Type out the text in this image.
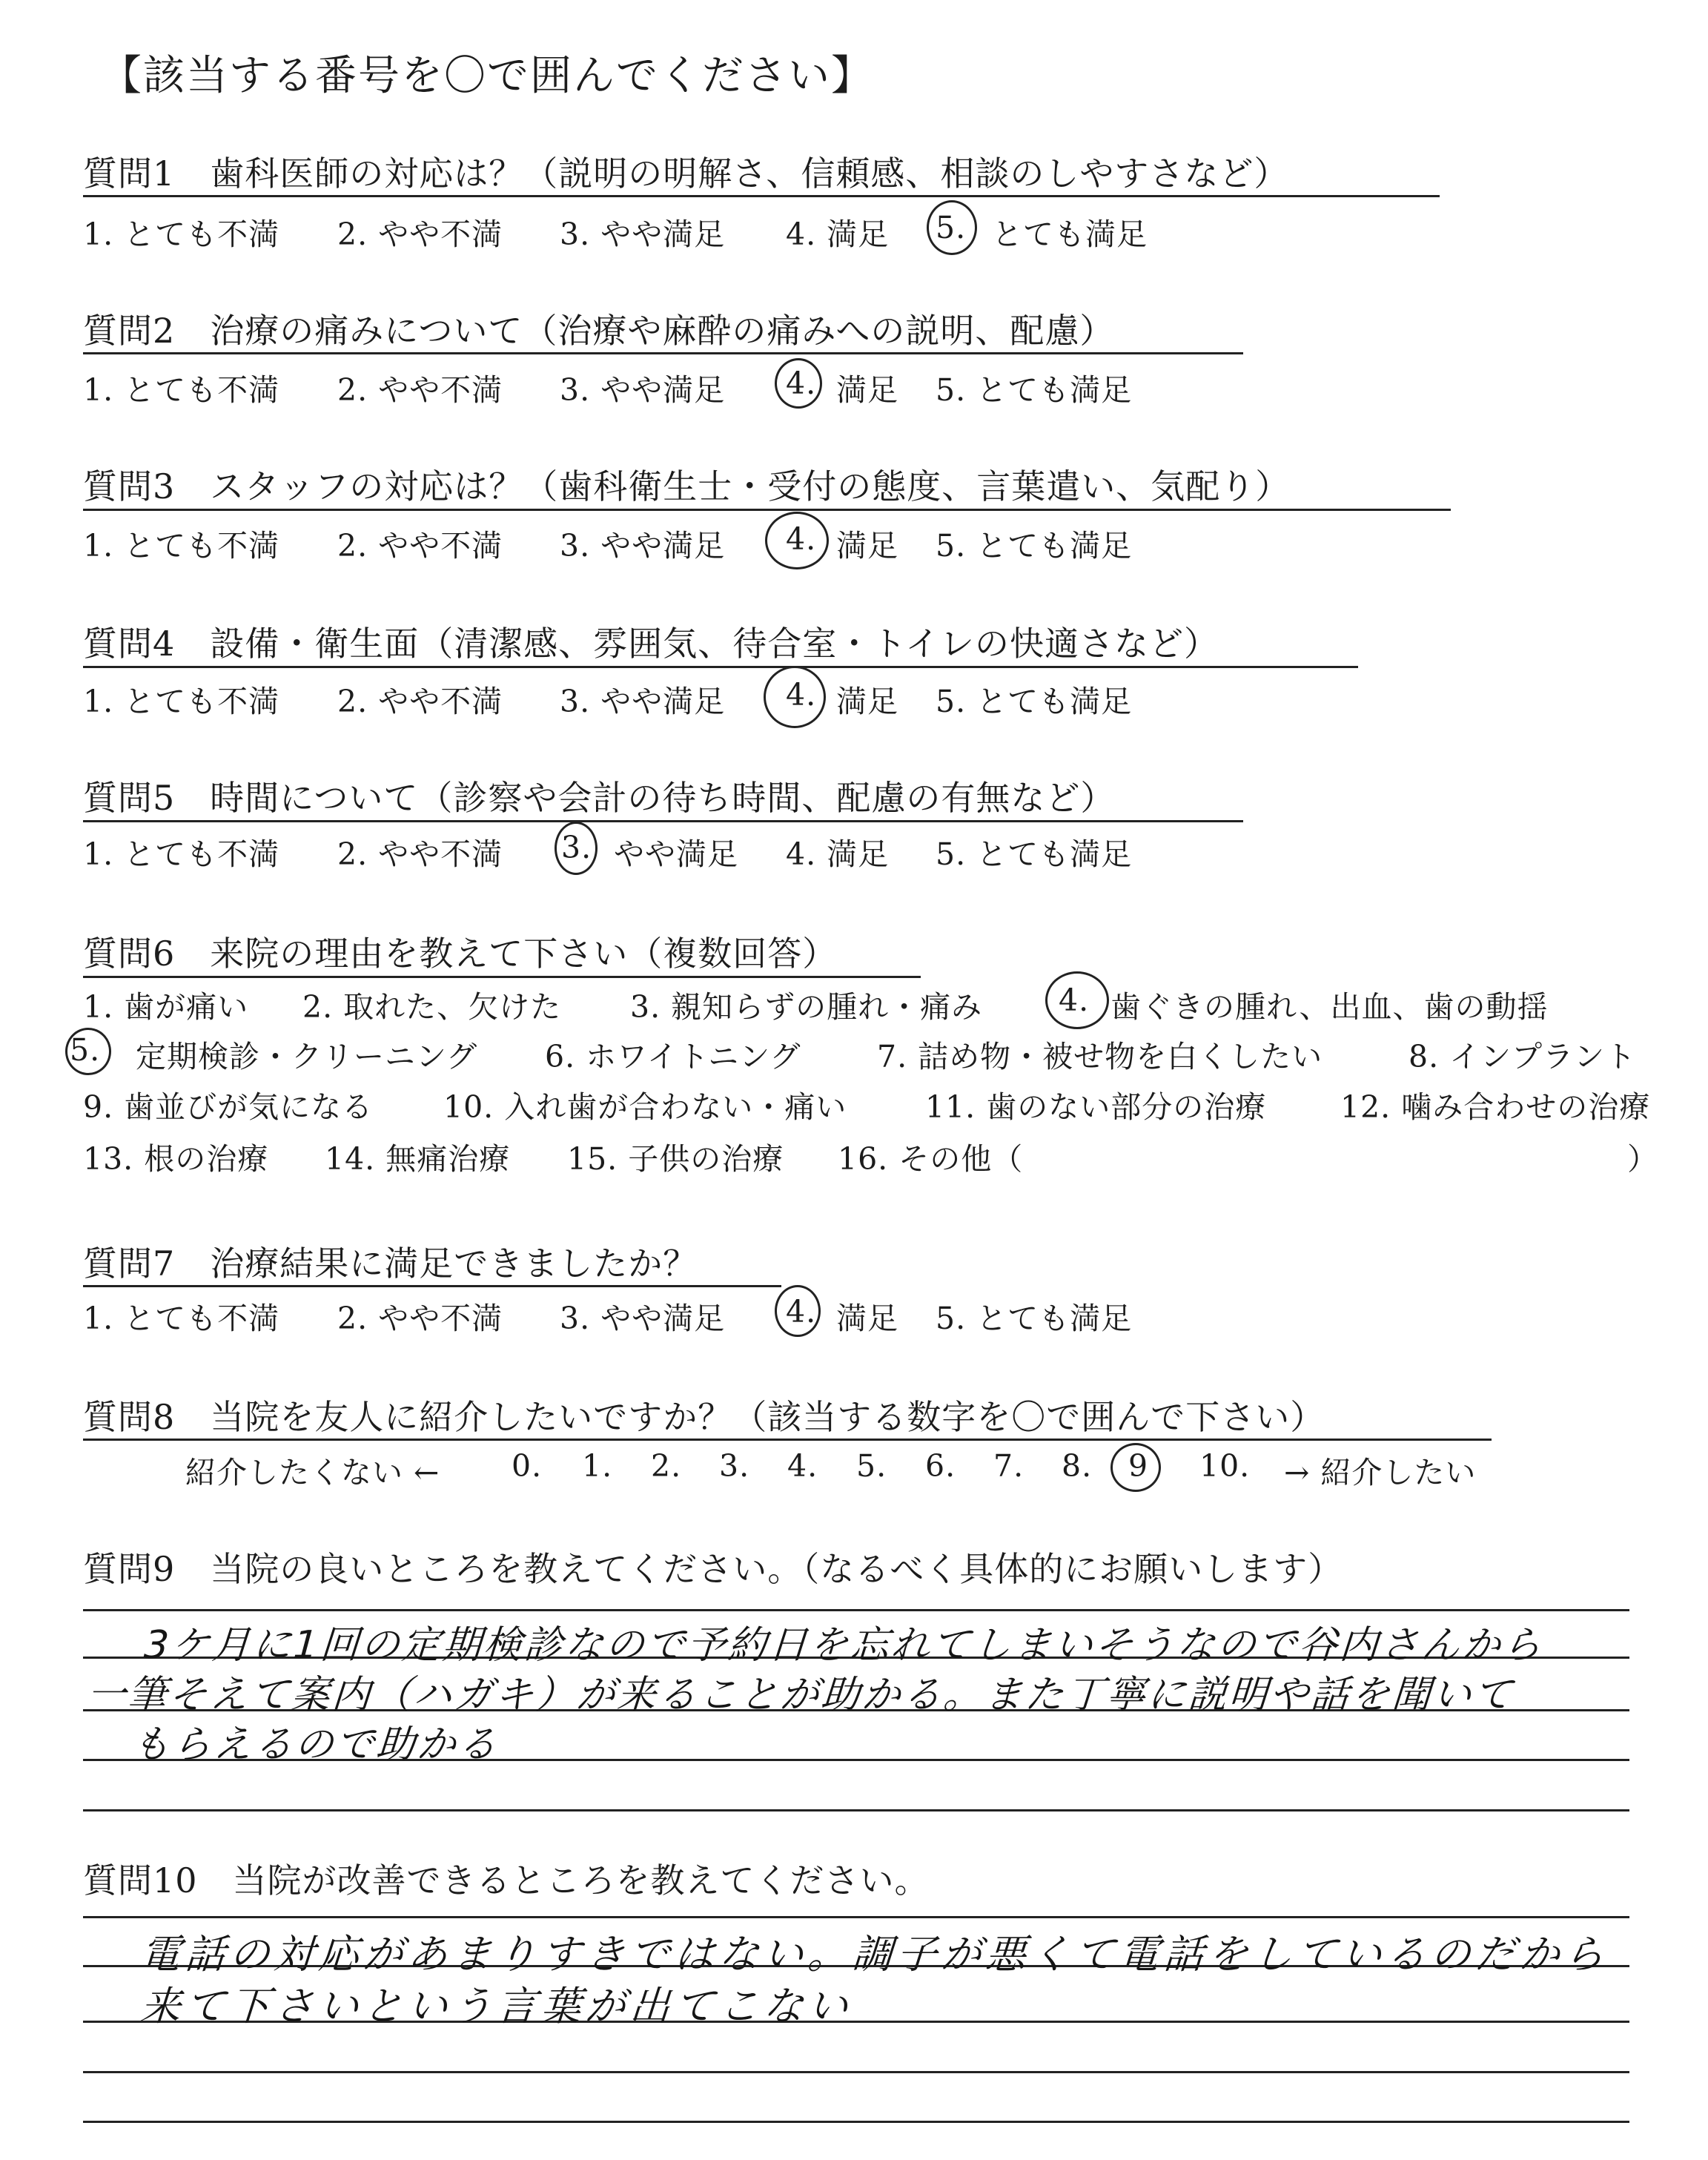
【該当する番号を〇で囲んでください】
質問1　歯科医師の対応は？（説明の明解さ、信頼感、相談のしやすさなど）
1. とても不満 2. やや不満 3. やや満足 4. 満足 5. とても満足
質問2　治療の痛みについて（治療や麻酔の痛みへの説明、配慮）
1. とても不満 2. やや不満 3. やや満足 4. 満足 5. とても満足
質問3　スタッフの対応は？（歯科衛生士・受付の態度、言葉遣い、気配り）
1. とても不満 2. やや不満 3. やや満足 4. 満足 5. とても満足
質問4　設備・衛生面（清潔感、雰囲気、待合室・トイレの快適さなど）
1. とても不満 2. やや不満 3. やや満足 4. 満足 5. とても満足
質問5　時間について（診察や会計の待ち時間、配慮の有無など）
1. とても不満 2. やや不満 3. やや満足 4. 満足 5. とても満足
質問6　来院の理由を教えて下さい（複数回答）
1. 歯が痛い 2. 取れた、欠けた 3. 親知らずの腫れ・痛み	4. 歯ぐきの腫れ、出血、歯の動揺
5. 定期検診・クリーニング 6. ホワイトニング	7. 詰め物・被せ物を白くしたい	8. インプラント
9. 歯並びが気になる 10. 入れ歯が合わない・痛い	11. 歯のない部分の治療 12. 噛み合わせの治療
13. 根の治療 14. 無痛治療 15. 子供の治療 16. その他（	）
質問7　治療結果に満足できましたか？
1. とても不満 2. やや不満 3. やや満足 4. 満足 5. とても満足
質問8　当院を友人に紹介したいですか？（該当する数字を〇で囲んで下さい）
紹介したくない ← 0. 1. 2. 3. 4. 5. 6. 7. 8. 9 10. → 紹介したい
質問9　当院の良いところを教えてください。（なるべく具体的にお願いします）
3ケ月に1回の定期検診なので予約日を忘れてしまいそうなので谷内さんから
一筆そえて案内（ハガキ）が来ることが助かる。また丁寧に説明や話を聞いて
もらえるので助かる
質問10　当院が改善できるところを教えてください。
電話の対応があまりすきではない。調子が悪くて電話をしているのだから
来て下さいという言葉が出てこない
